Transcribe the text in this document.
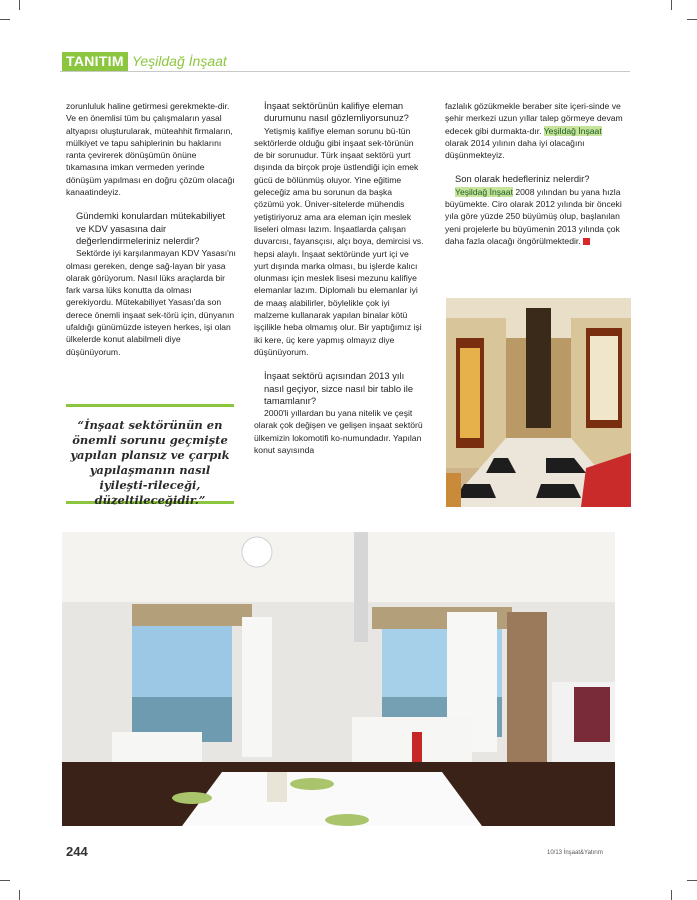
TANITIM Yeşildağ İnşaat

zorunluluk haline getirmesi gerekmekte-dir. Ve en önemlisi tüm bu çalışmaların yasal altyapısı oluşturularak, müteahhit firmaların, mülkiyet ve tapu sahiplerinin bu haklarını ranta çevirerek dönüşümün önüne tıkamasına imkan vermeden yerinde dönüşüm yapılması en doğru çözüm olacağı kanaatindeyiz.

Gündemki konulardan mütekabiliyet ve KDV yasasına dair değerlendirmeleriniz nelerdir?

Sektörde iyi karşılanmayan KDV Yasası'nı olması gereken, denge sağ-layan bir yasa olarak görüyorum. Nasıl lüks araçlarda bir fark varsa lüks konutta da olması gerekiyordu. Mütekabiliyet Yasası'da son derece önemli inşaat sek-törü için, dünyanın ufaldığı günümüzde isteyen herkes, işi olan ülkelerde konut alabilmeli diye düşünüyorum.

“İnşaat sektörünün en önemli sorunu geçmişte yapılan plansız ve çarpık yapılaşmanın nasıl iyileşti-rileceği, düzeltileceğidir.”

İnşaat sektörünün kalifiye eleman durumunu nasıl gözlemliyorsunuz?

Yetişmiş kalifiye eleman sorunu bü-tün sektörlerde olduğu gibi inşaat sek-törünün de bir sorunudur. Türk inşaat sektörü yurt dışında da birçok proje üstlendiği için emek gücü de bölünmüş oluyor. Yine eğitime geleceğiz ama bu sorunun da başka çözümü yok. Üniver-sitelerde mühendis yetiştiriyoruz ama ara eleman için meslek liseleri olması lazım. İnşaatlarda çalışan duvarcısı, fayansçısı, alçı boya, demircisi vs. hepsi alaylı. İnşaat sektöründe yurt içi ve yurt dışında marka olması, bu işlerde kalıcı olunması için meslek lisesi mezunu kalifiye elemanlar lazım. Diplomalı bu elemanlar iyi de maaş alabilirler, böylelikle çok iyi malzeme kullanarak yapılan binalar kötü işçilikle heba olmamış olur. Bir yaptığımız işi iki kere, üç kere yapmış olmayız diye düşünüyorum.

İnşaat sektörü açısından 2013 yılı nasıl geçiyor, sizce nasıl bir tablo ile tamamlanır?

2000'li yıllardan bu yana nitelik ve çeşit olarak çok değişen ve gelişen inşaat sektörü ülkemizin lokomotifi ko-numundadır. Yapılan konut sayısında

fazlalık gözükmekle beraber site içeri-sinde ve şehir merkezi uzun yıllar talep görmeye devam edecek gibi durmakta-dır. Yeşildağ İnşaat olarak 2014 yılının daha iyi olacağını düşünmekteyiz.

Son olarak hedefleriniz nelerdir?

Yeşildağ İnşaat 2008 yılından bu yana hızla büyümekte. Ciro olarak 2012 yılında bir önceki yıla göre yüzde 250 büyümüş olup, başlanılan yeni projelerle bu büyümenin 2013 yılında çok daha fazla olacağı öngörülmektedir. İ

244	10/13 İnşaat&Yatırım
